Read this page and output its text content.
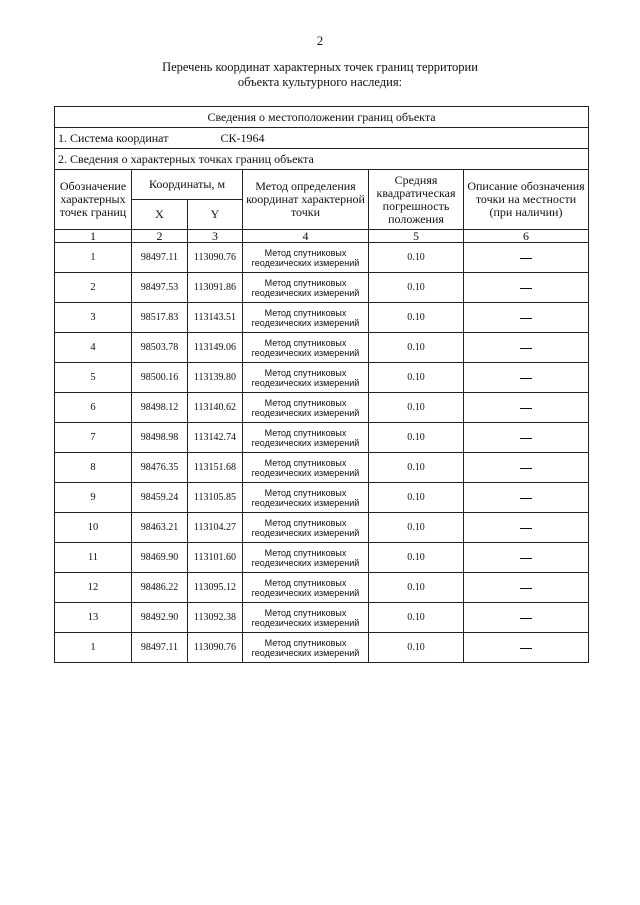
2
Перечень координат характерных точек границ территории
объекта культурного наследия:
Сведения о местоположении границ объекта					
1. Система координат СК-1964					
2. Сведения о характерных точках границ объекта					
Обозначение характерных точек границ	Координаты, м		Метод определения координат характерной точки	Средняя квадратическая погрешность положения	Описание обозначения точки на местности (при наличии)
	X	Y			
1	2	3	4	5	6
1	98497.11	113090.76	Метод спутниковых геодезических измерений	0.10	
2	98497.53	113091.86	Метод спутниковых геодезических измерений	0.10	
3	98517.83	113143.51	Метод спутниковых геодезических измерений	0.10	
4	98503.78	113149.06	Метод спутниковых геодезических измерений	0.10	
5	98500.16	113139.80	Метод спутниковых геодезических измерений	0.10	
6	98498.12	113140.62	Метод спутниковых геодезических измерений	0.10	
7	98498.98	113142.74	Метод спутниковых геодезических измерений	0.10	
8	98476.35	113151.68	Метод спутниковых геодезических измерений	0.10	
9	98459.24	113105.85	Метод спутниковых геодезических измерений	0.10	
10	98463.21	113104.27	Метод спутниковых геодезических измерений	0.10	
11	98469.90	113101.60	Метод спутниковых геодезических измерений	0.10	
12	98486.22	113095.12	Метод спутниковых геодезических измерений	0.10	
13	98492.90	113092.38	Метод спутниковых геодезических измерений	0.10	
1	98497.11	113090.76	Метод спутниковых геодезических измерений	0.10	
